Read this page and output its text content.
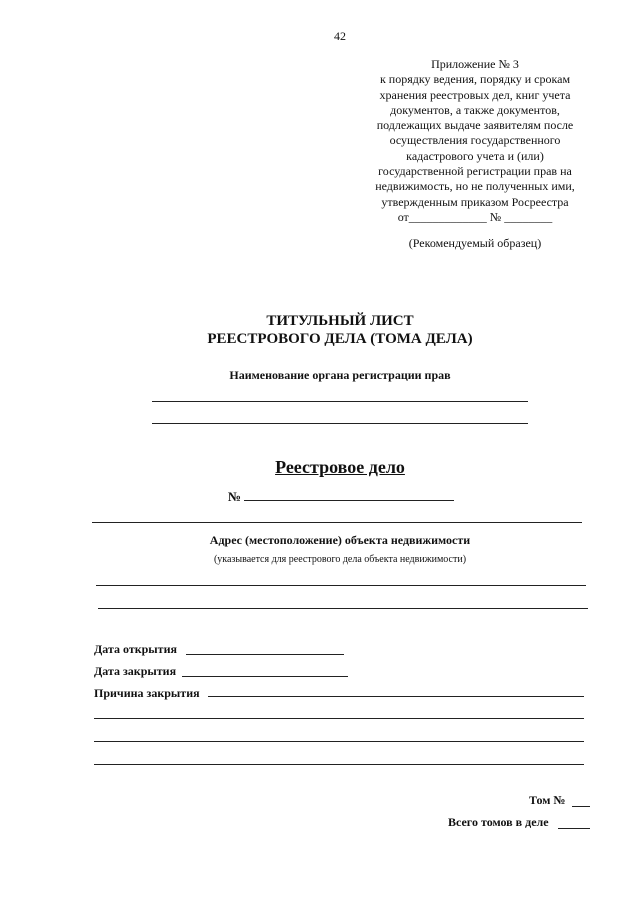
42
Приложение № 3
к порядку ведения, порядку и срокам
хранения реестровых дел, книг учета
документов, а также документов,
подлежащих выдаче заявителям после
осуществления государственного
кадастрового учета и (или)
государственной регистрации прав на
недвижимость, но не полученных ими,
утвержденным приказом Росреестра
от_____________ № ________
(Рекомендуемый образец)
ТИТУЛЬНЫЙ ЛИСТ
РЕЕСТРОВОГО ДЕЛА (ТОМА ДЕЛА)
Наименование органа регистрации прав
Реестровое дело
№
Адрес (местоположение) объекта недвижимости
(указывается для реестрового дела объекта недвижимости)
Дата открытия
Дата закрытия
Причина закрытия
Том №
Всего томов в деле
